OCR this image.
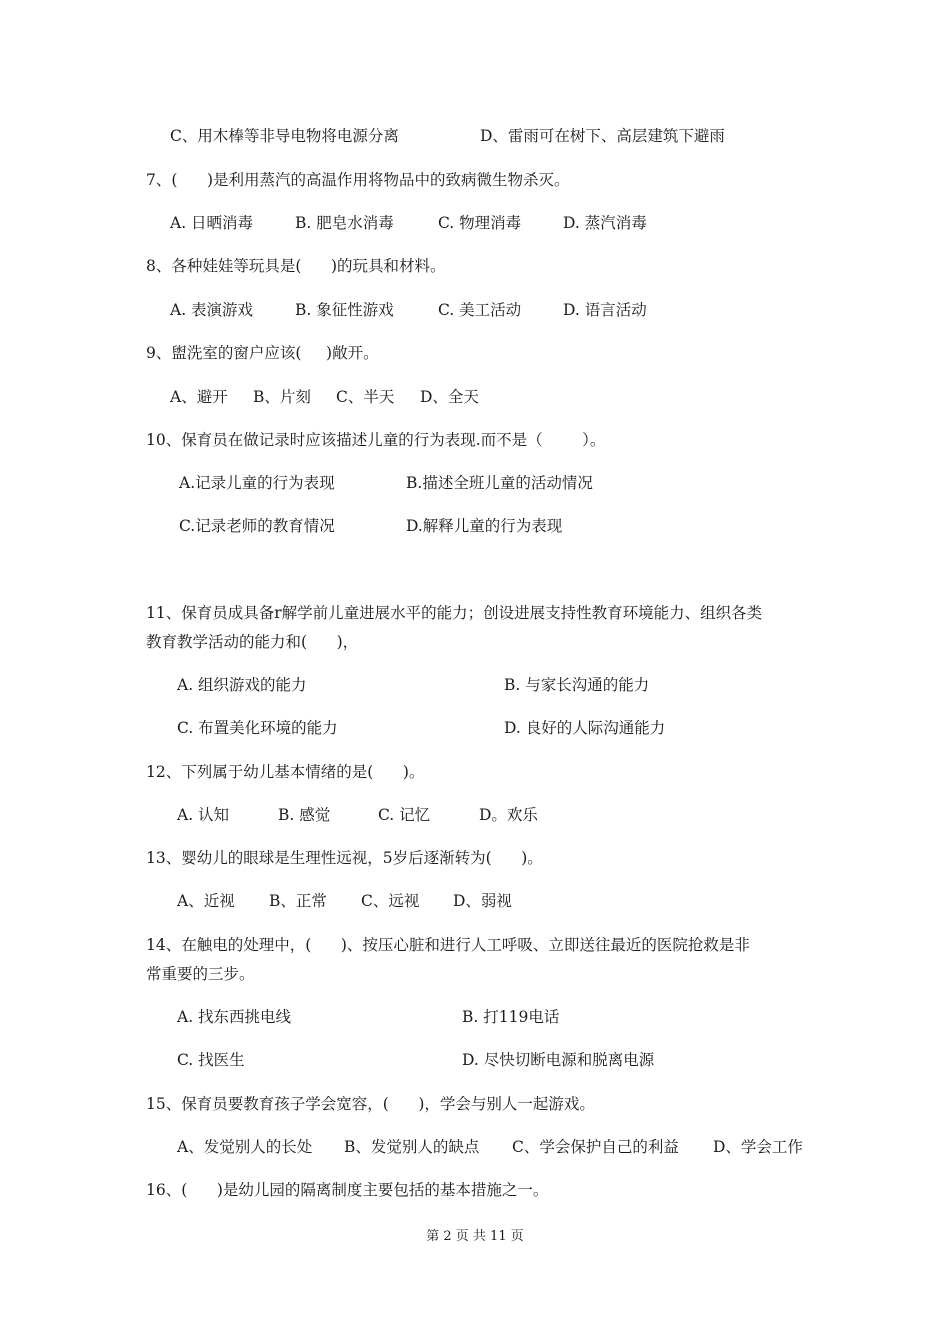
C、用木棒等非导电物将电源分离	D、雷雨可在树下、高层建筑下避雨
7、(      )是利用蒸汽的高温作用将物品中的致病微生物杀灭。
A. 日晒消毒	B. 肥皂水消毒	C. 物理消毒	D. 蒸汽消毒
8、各种娃娃等玩具是(      )的玩具和材料。
A. 表演游戏	B. 象征性游戏	C. 美工活动	D. 语言活动
9、盥洗室的窗户应该(     )敞开。
A、避开 B、片刻 C、半天 D、全天
10、保育员在做记录时应该描述儿童的行为表现.而不是（        ）。
A.记录儿童的行为表现	B.描述全班儿童的活动情况
C.记录老师的教育情况	D.解释儿童的行为表现
11、保育员成具备r解学前儿童进展水平的能力；创设进展支持性教育环境能力、组织各类
教育教学活动的能力和(      )，
A. 组织游戏的能力	B. 与家长沟通的能力
C. 布置美化环境的能力	D. 良好的人际沟通能力
12、下列属于幼儿基本情绪的是(      )。
A. 认知	B. 感觉	C. 记忆	D。欢乐
13、婴幼儿的眼球是生理性远视，5岁后逐渐转为(      )。
A、近视 B、正常 C、远视 D、弱视
14、在触电的处理中，(      )、按压心脏和进行人工呼吸、立即送往最近的医院抢救是非
常重要的三步。
A. 找东西挑电线	B. 打119电话
C. 找医生	D. 尽快切断电源和脱离电源
15、保育员要教育孩子学会宽容，(      )，学会与别人一起游戏。
A、发觉别人的长处 B、发觉别人的缺点 C、学会保护自己的利益 D、学会工作
16、(      )是幼儿园的隔离制度主要包括的基本措施之一。
第 2 页 共 11 页
